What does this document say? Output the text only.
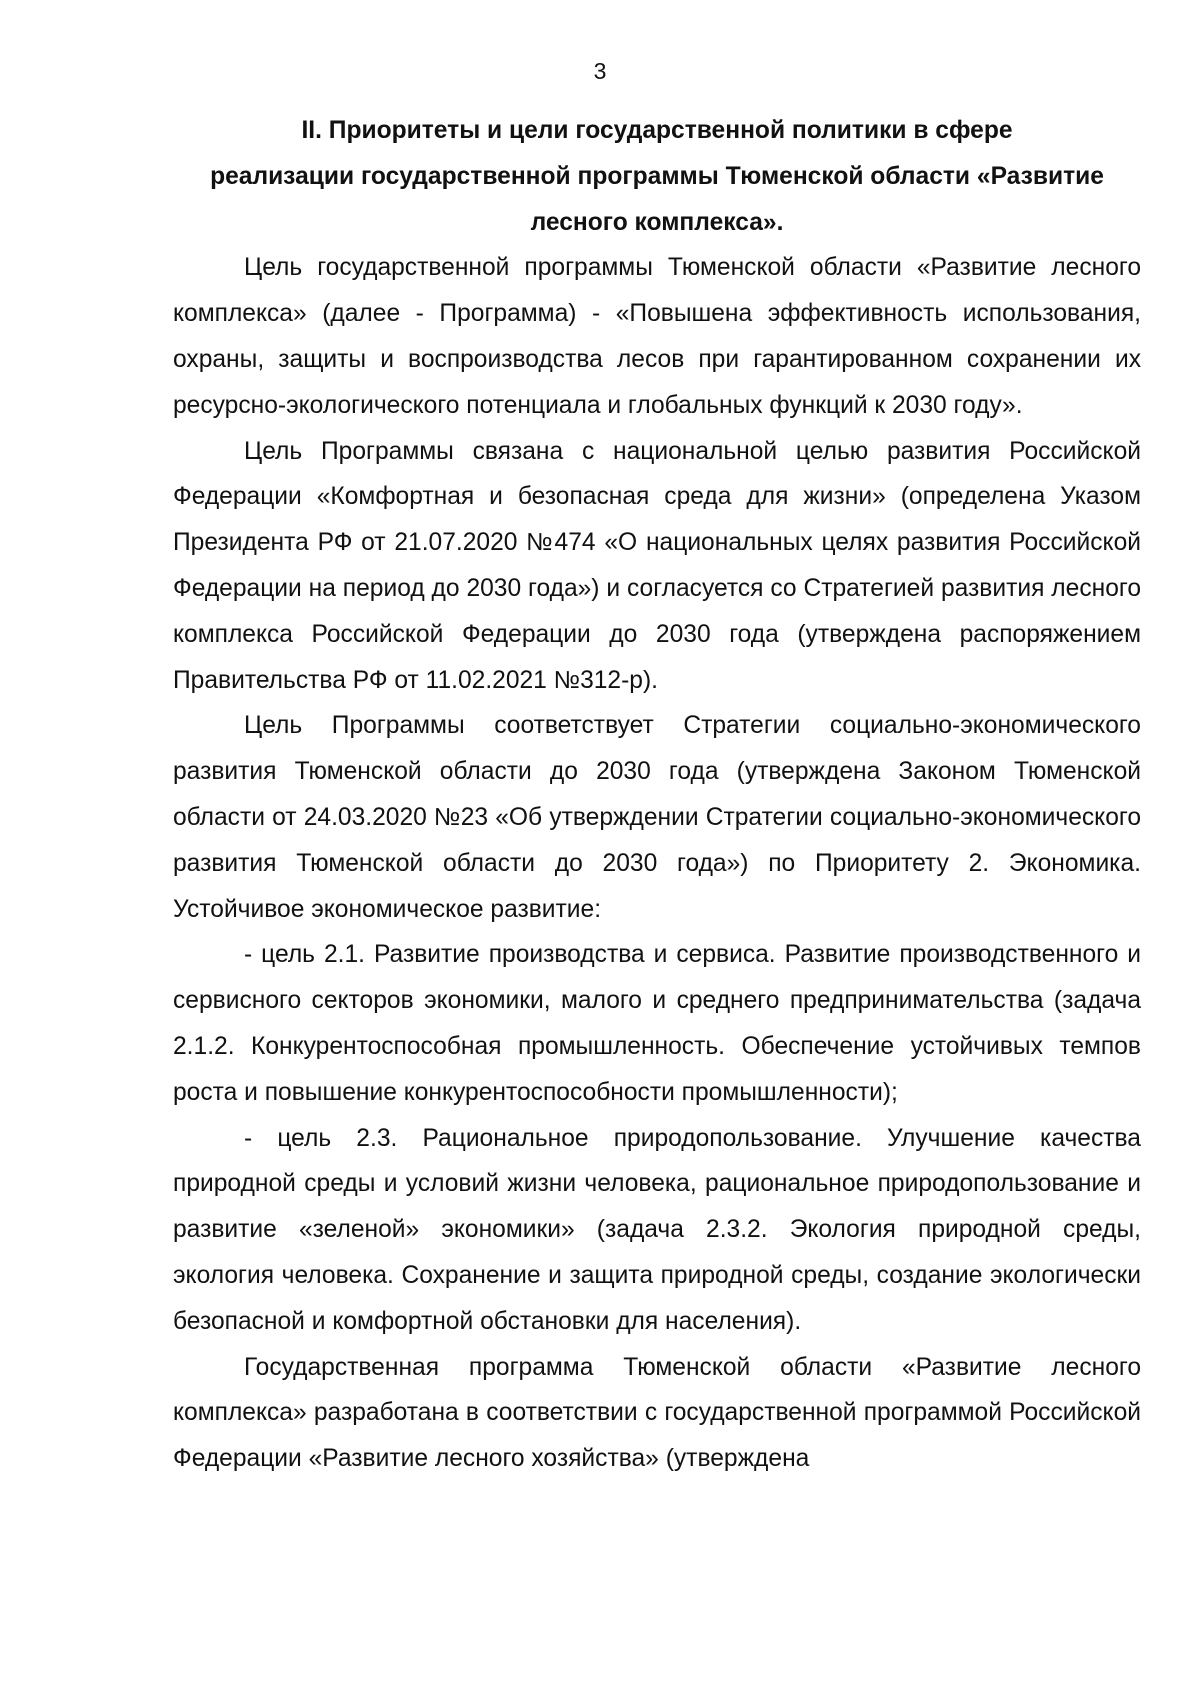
3

II. Приоритеты и цели государственной политики в сфере
реализации государственной программы Тюменской области «Развитие
лесного комплекса».

Цель государственной программы Тюменской области «Развитие лесного комплекса» (далее - Программа) - «Повышена эффективность использования, охраны, защиты и воспроизводства лесов при гарантированном сохранении их ресурсно-экологического потенциала и глобальных функций к 2030 году».

Цель Программы связана с национальной целью развития Российской Федерации «Комфортная и безопасная среда для жизни» (определена Указом Президента РФ от 21.07.2020 №474 «О национальных целях развития Российской Федерации на период до 2030 года») и согласуется со Стратегией развития лесного комплекса Российской Федерации до 2030 года (утверждена распоряжением Правительства РФ от 11.02.2021 №312-р).

Цель Программы соответствует Стратегии социально-экономического развития Тюменской области до 2030 года (утверждена Законом Тюменской области от 24.03.2020 №23 «Об утверждении Стратегии социально-экономического развития Тюменской области до 2030 года») по Приоритету 2. Экономика. Устойчивое экономическое развитие:

- цель 2.1. Развитие производства и сервиса. Развитие производственного и сервисного секторов экономики, малого и среднего предпринимательства (задача 2.1.2. Конкурентоспособная промышленность. Обеспечение устойчивых темпов роста и повышение конкурентоспособности промышленности);

- цель 2.3. Рациональное природопользование. Улучшение качества природной среды и условий жизни человека, рациональное природопользование и развитие «зеленой» экономики» (задача 2.3.2. Экология природной среды, экология человека. Сохранение и защита природной среды, создание экологически безопасной и комфортной обстановки для населения).

Государственная программа Тюменской области «Развитие лесного комплекса» разработана в соответствии с государственной программой Российской Федерации «Развитие лесного хозяйства» (утверждена
